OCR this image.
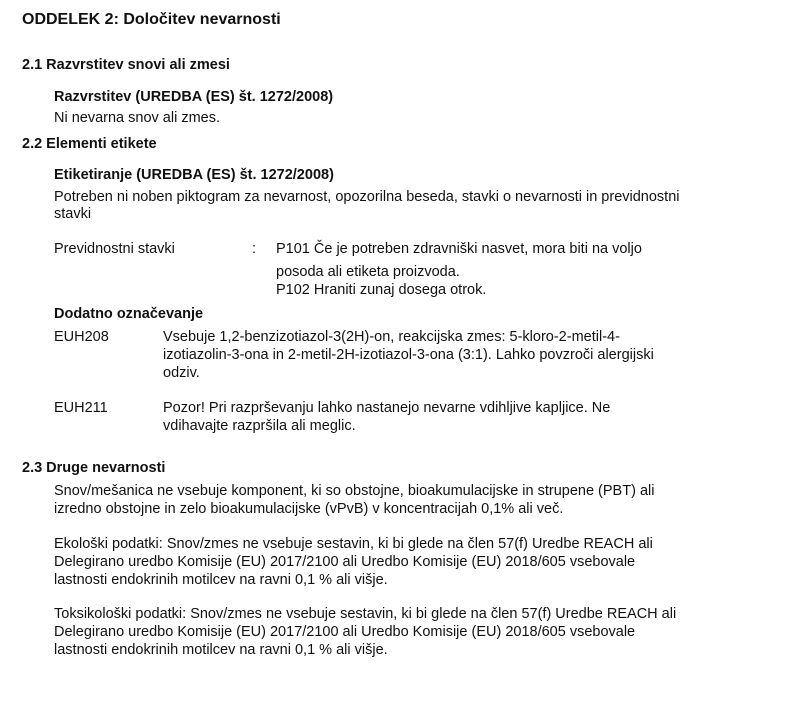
ODDELEK 2: Določitev nevarnosti
2.1 Razvrstitev snovi ali zmesi
Razvrstitev (UREDBA (ES) št. 1272/2008)
Ni nevarna snov ali zmes.
2.2 Elementi etikete
Etiketiranje (UREDBA (ES) št. 1272/2008)
Potreben ni noben piktogram za nevarnost, opozorilna beseda, stavki o nevarnosti in previdnostni
stavki
Previdnostni stavki	: P101 Če je potreben zdravniški nasvet, mora biti na voljo
posoda ali etiketa proizvoda.
P102 Hraniti zunaj dosega otrok.
Dodatno označevanje
EUH208	Vsebuje 1,2-benzizotiazol-3(2H)-on, reakcijska zmes: 5-kloro-2-metil-4-
izotiazolin-3-ona in 2-metil-2H-izotiazol-3-ona (3:1). Lahko povzroči alergijski
odziv.
EUH211	Pozor! Pri razprševanju lahko nastanejo nevarne vdihljive kapljice. Ne
vdihavajte razpršila ali meglic.
2.3 Druge nevarnosti
Snov/mešanica ne vsebuje komponent, ki so obstojne, bioakumulacijske in strupene (PBT) ali
izredno obstojne in zelo bioakumulacijske (vPvB) v koncentracijah 0,1% ali več.
Ekološki podatki: Snov/zmes ne vsebuje sestavin, ki bi glede na člen 57(f) Uredbe REACH ali
Delegirano uredbo Komisije (EU) 2017/2100 ali Uredbo Komisije (EU) 2018/605 vsebovale
lastnosti endokrinih motilcev na ravni 0,1 % ali višje.
Toksikološki podatki: Snov/zmes ne vsebuje sestavin, ki bi glede na člen 57(f) Uredbe REACH ali
Delegirano uredbo Komisije (EU) 2017/2100 ali Uredbo Komisije (EU) 2018/605 vsebovale
lastnosti endokrinih motilcev na ravni 0,1 % ali višje.
